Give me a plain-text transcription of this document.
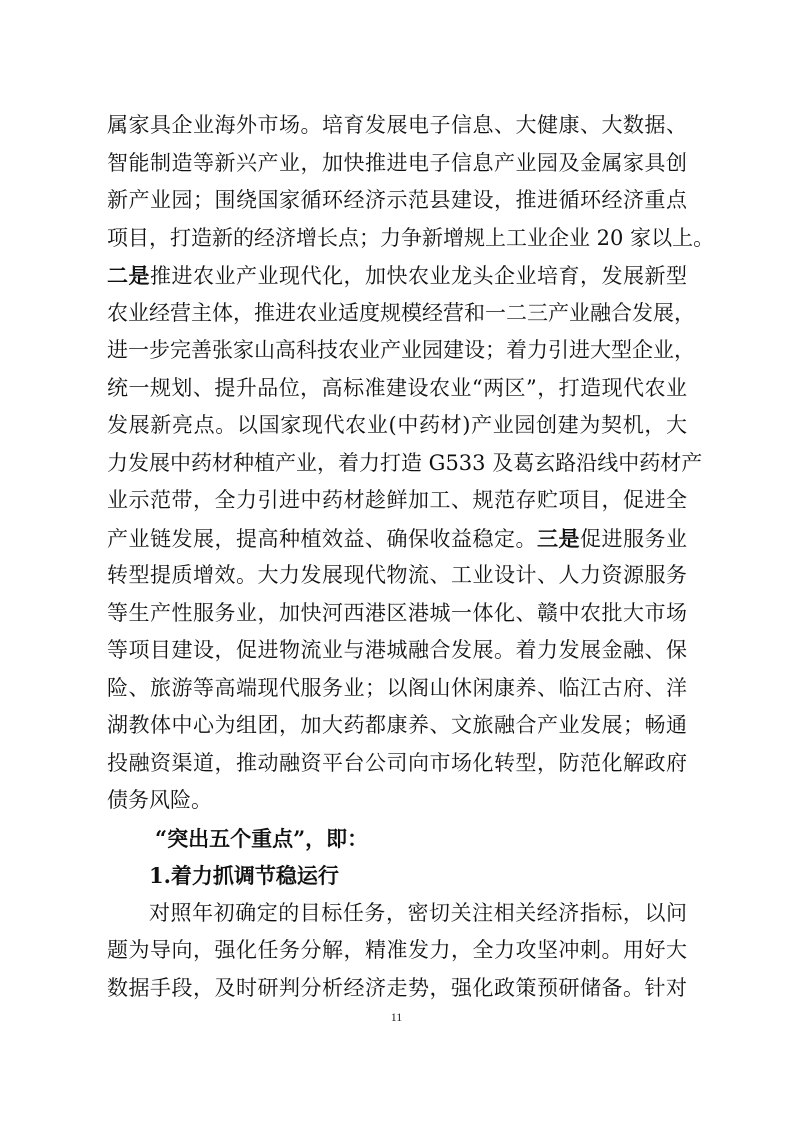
属家具企业海外市场。培育发展电子信息、大健康、大数据、
智能制造等新兴产业，加快推进电子信息产业园及金属家具创
新产业园；围绕国家循环经济示范县建设，推进循环经济重点
项目，打造新的经济增长点；力争新增规上工业企业 20 家以上。
二是推进农业产业现代化，加快农业龙头企业培育，发展新型
农业经营主体，推进农业适度规模经营和一二三产业融合发展，
进一步完善张家山高科技农业产业园建设；着力引进大型企业，
统一规划、提升品位，高标准建设农业“两区”，打造现代农业
发展新亮点。以国家现代农业(中药材)产业园创建为契机，大
力发展中药材种植产业，着力打造 G533 及葛玄路沿线中药材产
业示范带，全力引进中药材趁鲜加工、规范存贮项目，促进全
产业链发展，提高种植效益、确保收益稳定。三是促进服务业
转型提质增效。大力发展现代物流、工业设计、人力资源服务
等生产性服务业，加快河西港区港城一体化、赣中农批大市场
等项目建设，促进物流业与港城融合发展。着力发展金融、保
险、旅游等高端现代服务业；以阁山休闲康养、临江古府、洋
湖教体中心为组团，加大药都康养、文旅融合产业发展；畅通
投融资渠道，推动融资平台公司向市场化转型，防范化解政府
债务风险。
“突出五个重点”，即：
1.着力抓调节稳运行
对照年初确定的目标任务，密切关注相关经济指标，以问
题为导向，强化任务分解，精准发力，全力攻坚冲刺。用好大
数据手段，及时研判分析经济走势，强化政策预研储备。针对
11
